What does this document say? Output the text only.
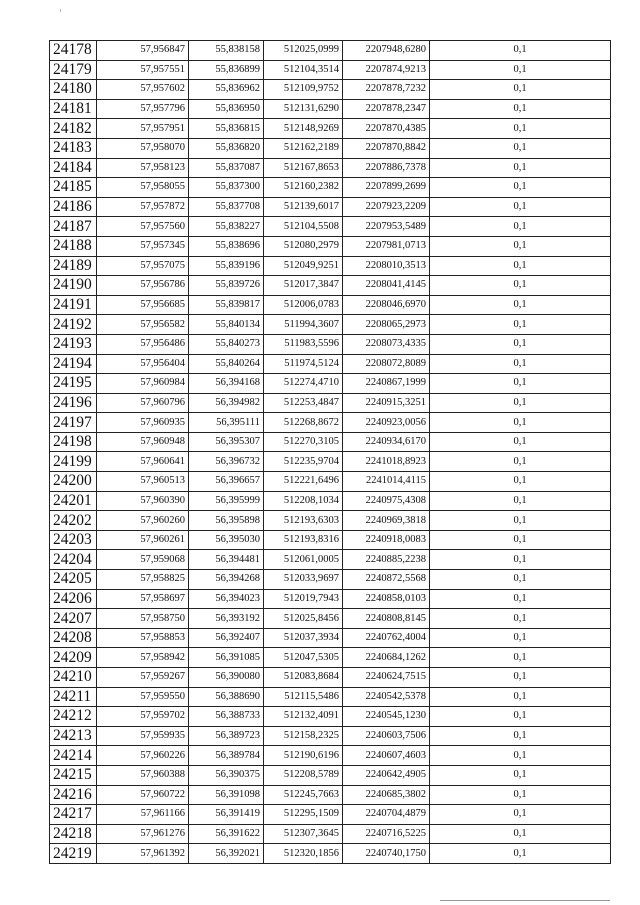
24178	57,956847	55,838158	512025,0999	2207948,6280	0,1
24179	57,957551	55,836899	512104,3514	2207874,9213	0,1
24180	57,957602	55,836962	512109,9752	2207878,7232	0,1
24181	57,957796	55,836950	512131,6290	2207878,2347	0,1
24182	57,957951	55,836815	512148,9269	2207870,4385	0,1
24183	57,958070	55,836820	512162,2189	2207870,8842	0,1
24184	57,958123	55,837087	512167,8653	2207886,7378	0,1
24185	57,958055	55,837300	512160,2382	2207899,2699	0,1
24186	57,957872	55,837708	512139,6017	2207923,2209	0,1
24187	57,957560	55,838227	512104,5508	2207953,5489	0,1
24188	57,957345	55,838696	512080,2979	2207981,0713	0,1
24189	57,957075	55,839196	512049,9251	2208010,3513	0,1
24190	57,956786	55,839726	512017,3847	2208041,4145	0,1
24191	57,956685	55,839817	512006,0783	2208046,6970	0,1
24192	57,956582	55,840134	511994,3607	2208065,2973	0,1
24193	57,956486	55,840273	511983,5596	2208073,4335	0,1
24194	57,956404	55,840264	511974,5124	2208072,8089	0,1
24195	57,960984	56,394168	512274,4710	2240867,1999	0,1
24196	57,960796	56,394982	512253,4847	2240915,3251	0,1
24197	57,960935	56,395111	512268,8672	2240923,0056	0,1
24198	57,960948	56,395307	512270,3105	2240934,6170	0,1
24199	57,960641	56,396732	512235,9704	2241018,8923	0,1
24200	57,960513	56,396657	512221,6496	2241014,4115	0,1
24201	57,960390	56,395999	512208,1034	2240975,4308	0,1
24202	57,960260	56,395898	512193,6303	2240969,3818	0,1
24203	57,960261	56,395030	512193,8316	2240918,0083	0,1
24204	57,959068	56,394481	512061,0005	2240885,2238	0,1
24205	57,958825	56,394268	512033,9697	2240872,5568	0,1
24206	57,958697	56,394023	512019,7943	2240858,0103	0,1
24207	57,958750	56,393192	512025,8456	2240808,8145	0,1
24208	57,958853	56,392407	512037,3934	2240762,4004	0,1
24209	57,958942	56,391085	512047,5305	2240684,1262	0,1
24210	57,959267	56,390080	512083,8684	2240624,7515	0,1
24211	57,959550	56,388690	512115,5486	2240542,5378	0,1
24212	57,959702	56,388733	512132,4091	2240545,1230	0,1
24213	57,959935	56,389723	512158,2325	2240603,7506	0,1
24214	57,960226	56,389784	512190,6196	2240607,4603	0,1
24215	57,960388	56,390375	512208,5789	2240642,4905	0,1
24216	57,960722	56,391098	512245,7663	2240685,3802	0,1
24217	57,961166	56,391419	512295,1509	2240704,4879	0,1
24218	57,961276	56,391622	512307,3645	2240716,5225	0,1
24219	57,961392	56,392021	512320,1856	2240740,1750	0,1
